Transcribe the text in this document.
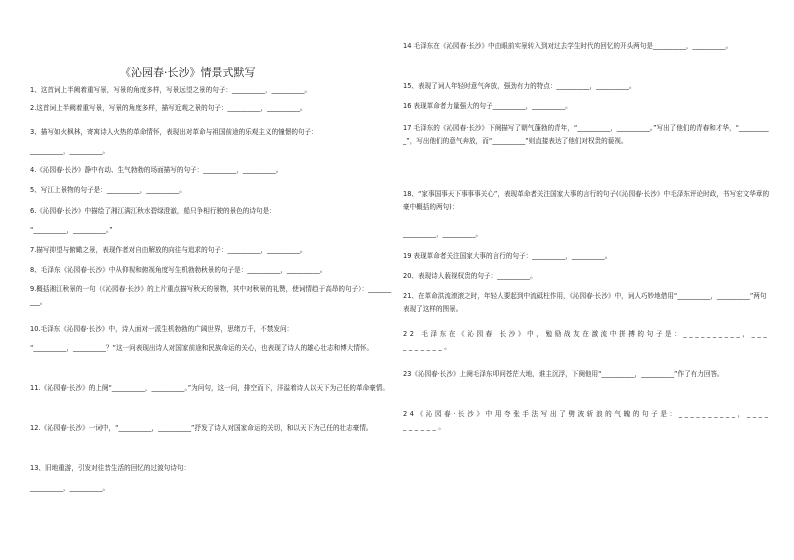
《沁园春·长沙》情景式默写
1、这首词上半阙着重写景，写景的角度多样，写景远望之景的句子：__________，__________。
2.这首词上半阙着重写景，写景的角度多样，描写近观之景的句子：__________，__________。
3、描写如火枫林，寄寓诗人火热的革命情怀，表现出对革命与祖国前途的乐观主义的憧憬的句子：
__________，__________。
4.《沁园春·长沙》静中有动、生气勃勃的场面描写的句子：__________，__________。
5、写江上景物的句子是：__________，__________。
6.《沁园春·长沙》中描绘了湘江满江秋水碧绿澄澈，船只争相行驶的景色的诗句是：
“__________，__________。”
7.描写抑望与俯瞰之景，表现作者对自由解放的向往与追求的句子：__________，__________。
8、毛泽东《沁园春·长沙》中从仰视和俯视角度写生机勃勃秋景的句子是：__________，__________。
9.概括湘江秋景的一句（《沁园春·长沙》的上片重点描写秋天的景物，其中对秋景的礼赞，使词情趋于高昂的句子）：__________。
10.毛泽东《沁园春·长沙》中，诗人面对一派生机勃勃的广阔世界，思绪万千，不禁发问：
“__________，__________？”这一问表现出诗人对国家前途和民族命运的关心，也表现了诗人的雄心壮志和博大情怀。
11.《沁园春·长沙》的上阕“__________，__________。”为问句，这一问，排空而下，洋溢着诗人以天下为己任的革命豪情。
12.《沁园春·长沙》一词中，“__________，__________”抒发了诗人对国家命运的关切，和以天下为己任的壮志豪情。
13、旧地重游，引发对往昔生活的回忆的过渡句诗句：
__________，__________。
14 毛泽东在《沁园春·长沙》中由眼前实景转入到对过去学生时代的回忆的开头两句是__________，__________。
15、表现了词人年轻时意气奔放，强劲有力的特点：__________，__________。
16 表现革命者力量强大的句子__________，__________。
17 毛泽东的《沁园春·长沙》下阕描写了朝气蓬勃的青年，“__________，__________。”写出了他们的青春和才华，“__________”，写出他们的意气奔放，而“__________”则直接表达了他们对权贵的藐视。
18、“家事国事天下事事事关心”，表现革命者关注国家大事的言行的句子(《沁园春·长沙》中毛泽东评论时政，书写宏文华章的豪中概括的两句)：
__________，__________。
19 表现革命者关注国家大事的言行的句子：__________，__________。
20、表现诗人藐视权贵的句子：__________。
21、在革命洪流滚滚之时，年轻人要起到中流砥柱作用，《沁园春·长沙》中，词人巧妙地借用“__________，__________”两句表现了这样的图景。
22 毛泽东在《沁园春 长沙》中，勉励战友在激流中拼搏的句子是：__________，__________。
23《沁园春·长沙》上阕毛泽东叩问苍茫大地，谁主沉浮，下阕他用“__________，__________”作了有力回答。
24《沁园春·长沙》中用夸张手法写出了劈波斩浪的气魄的句子是：__________，__________。
